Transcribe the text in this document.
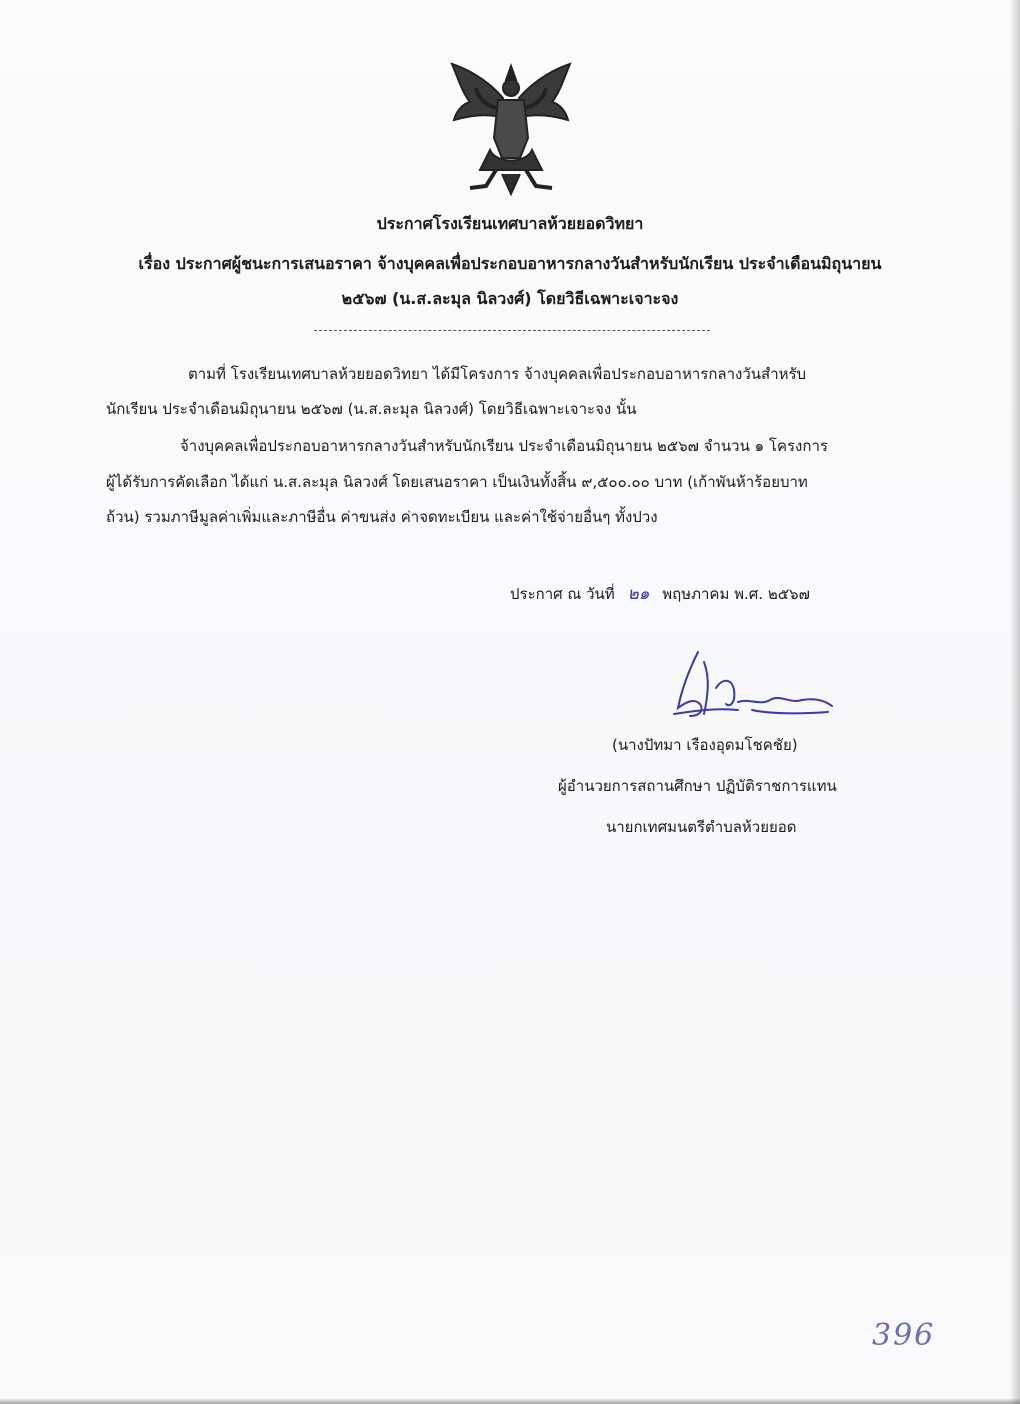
ประกาศโรงเรียนเทศบาลห้วยยอดวิทยา
เรื่อง ประกาศผู้ชนะการเสนอราคา จ้างบุคคลเพื่อประกอบอาหารกลางวันสำหรับนักเรียน ประจำเดือนมิถุนายน
๒๕๖๗ (น.ส.ละมุล นิลวงศ์) โดยวิธีเฉพาะเจาะจง
ตามที่ โรงเรียนเทศบาลห้วยยอดวิทยา ได้มีโครงการ จ้างบุคคลเพื่อประกอบอาหารกลางวันสำหรับ
นักเรียน ประจำเดือนมิถุนายน ๒๕๖๗ (น.ส.ละมุล นิลวงศ์) โดยวิธีเฉพาะเจาะจง นั้น
จ้างบุคคลเพื่อประกอบอาหารกลางวันสำหรับนักเรียน ประจำเดือนมิถุนายน ๒๕๖๗ จำนวน ๑ โครงการ
ผู้ได้รับการคัดเลือก ได้แก่ น.ส.ละมุล นิลวงศ์ โดยเสนอราคา เป็นเงินทั้งสิ้น ๙,๕๐๐.๐๐ บาท (เก้าพันห้าร้อยบาท
ถ้วน) รวมภาษีมูลค่าเพิ่มและภาษีอื่น ค่าขนส่ง ค่าจดทะเบียน และค่าใช้จ่ายอื่นๆ ทั้งปวง
ประกาศ ณ วันที่ ๒๑ พฤษภาคม พ.ศ. ๒๕๖๗
(นางปัทมา เรืองอุดมโชคชัย)
ผู้อำนวยการสถานศึกษา ปฏิบัติราชการแทน
นายกเทศมนตรีตำบลห้วยยอด
396
